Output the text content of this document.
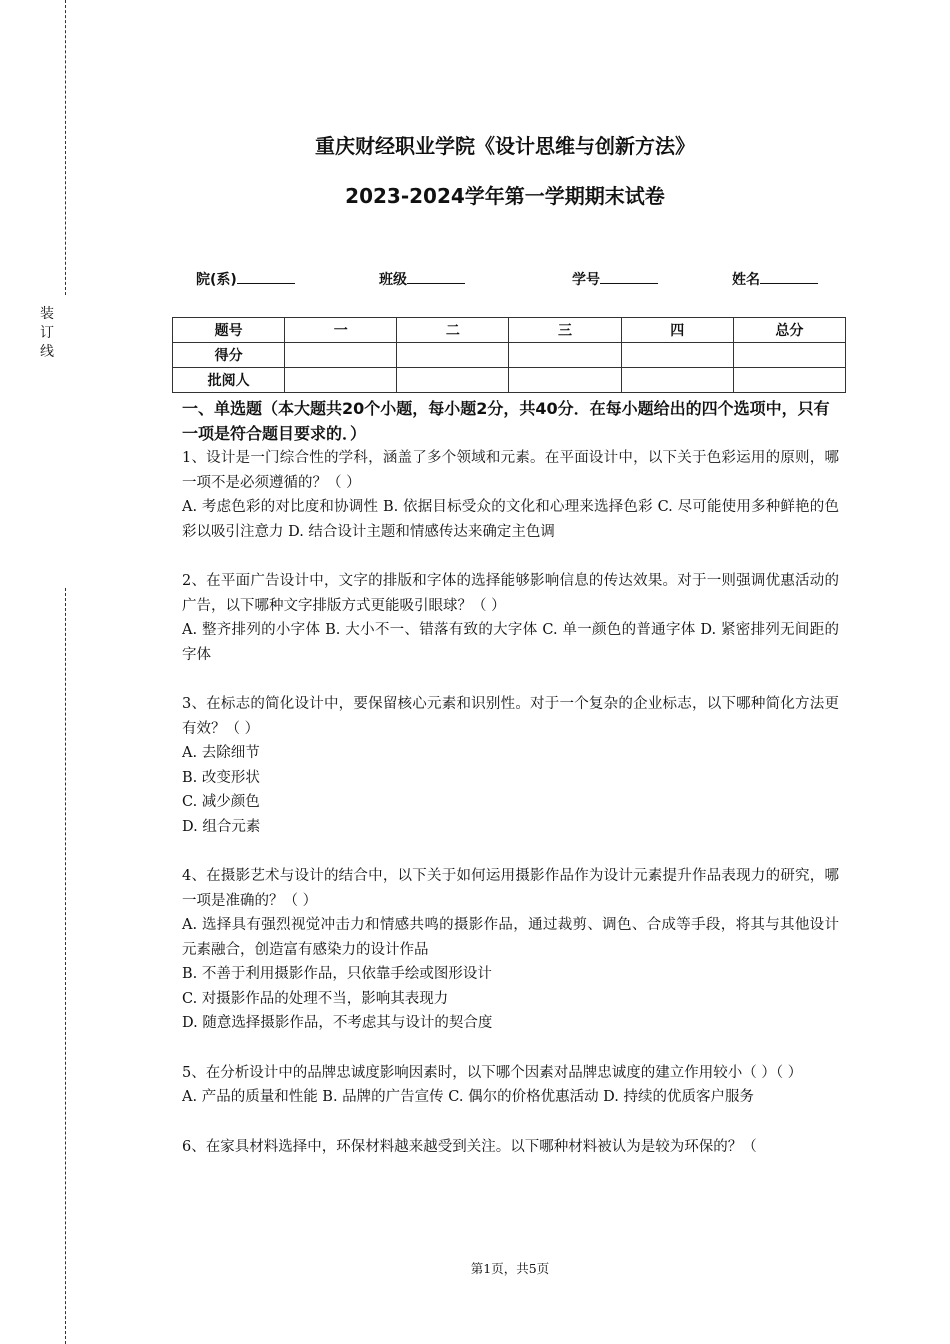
装订线
重庆财经职业学院《设计思维与创新方法》
2023-2024学年第一学期期末试卷
院(系)	班级	学号	姓名
题号	一	二	三	四	总分
得分					
批阅人					
一、单选题（本大题共20个小题，每小题2分，共40分．在每小题给出的四个选项中，只有一项是符合题目要求的．）
1、设计是一门综合性的学科，涵盖了多个领域和元素。在平面设计中，以下关于色彩运用的原则，哪一项不是必须遵循的？（ ）
A. 考虑色彩的对比度和协调性 B. 依据目标受众的文化和心理来选择色彩 C. 尽可能使用多种鲜艳的色彩以吸引注意力 D. 结合设计主题和情感传达来确定主色调
2、在平面广告设计中，文字的排版和字体的选择能够影响信息的传达效果。对于一则强调优惠活动的广告，以下哪种文字排版方式更能吸引眼球？（ ）
A. 整齐排列的小字体 B. 大小不一、错落有致的大字体 C. 单一颜色的普通字体 D. 紧密排列无间距的字体
3、在标志的简化设计中，要保留核心元素和识别性。对于一个复杂的企业标志，以下哪种简化方法更有效？（ ）
A. 去除细节
B. 改变形状
C. 减少颜色
D. 组合元素
4、在摄影艺术与设计的结合中，以下关于如何运用摄影作品作为设计元素提升作品表现力的研究，哪一项是准确的？（ ）
A. 选择具有强烈视觉冲击力和情感共鸣的摄影作品，通过裁剪、调色、合成等手段，将其与其他设计元素融合，创造富有感染力的设计作品
B. 不善于利用摄影作品，只依靠手绘或图形设计
C. 对摄影作品的处理不当，影响其表现力
D. 随意选择摄影作品，不考虑其与设计的契合度
5、在分析设计中的品牌忠诚度影响因素时，以下哪个因素对品牌忠诚度的建立作用较小（ ）（ ）
A. 产品的质量和性能 B. 品牌的广告宣传 C. 偶尔的价格优惠活动 D. 持续的优质客户服务
6、在家具材料选择中，环保材料越来越受到关注。以下哪种材料被认为是较为环保的？（
第1页，共5页
